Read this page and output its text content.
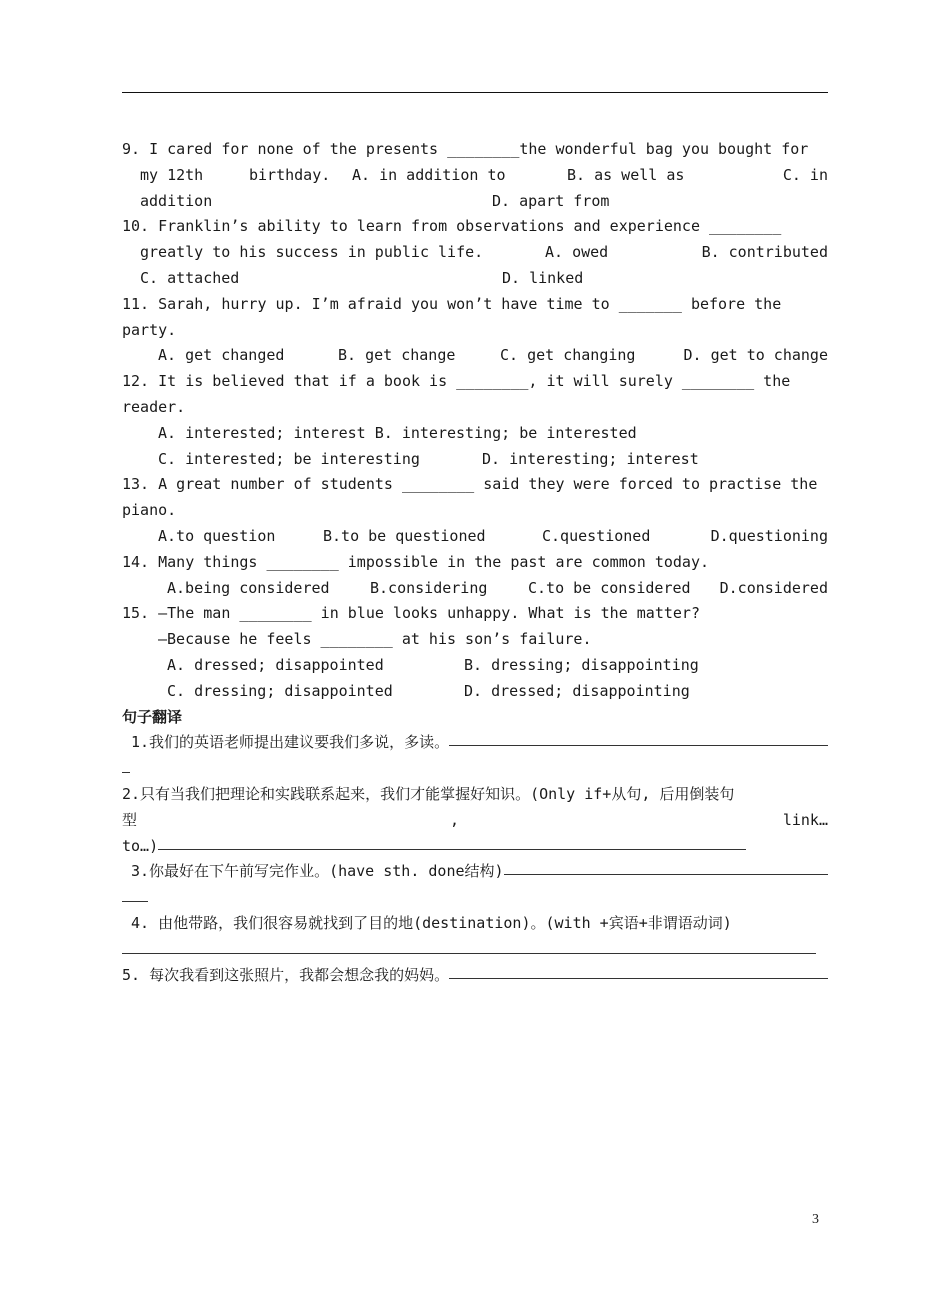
9. I cared for none of the presents ________the wonderful bag you bought for
my 12th	birthday. A. in addition to	B. as well as	C. in
addition	D. apart from
10. Franklin’s ability to learn from observations and experience ________
greatly to his success in public life.	A. owed	B. contributed
C. attached	D. linked
11. Sarah, hurry up. I’m afraid you won’t have time to _______ before the
party.
A. get changed	B. get change	C. get changing	D. get to change
12. It is believed that if a book is ________, it will surely ________ the
reader.
A. interested; interest B. interesting; be interested
C. interested; be interesting	D. interesting; interest
13. A great number of students ________ said they were forced to practise the
piano.
A.to question	B.to be questioned	C.questioned	D.questioning
14. Many things ________ impossible in the past are common today.
A.being considered	B.considering	C.to be considered D.considered
15. —The man ________ in blue looks unhappy. What is the matter?
—Because he feels ________ at his son’s failure.
A. dressed; disappointed	B. dressing; disappointing
C. dressing; disappointed	D. dressed; disappointing
句子翻译
1.我们的英语老师提出建议要我们多说，多读。
2.只有当我们把理论和实践联系起来，我们才能掌握好知识。(Only if+从句, 后用倒装句
型	,	link…
to…)
3.你最好在下午前写完作业。(have sth. done结构)
4. 由他带路，我们很容易就找到了目的地(destination)。(with +宾语+非谓语动词)
5. 每次我看到这张照片，我都会想念我的妈妈。
3
